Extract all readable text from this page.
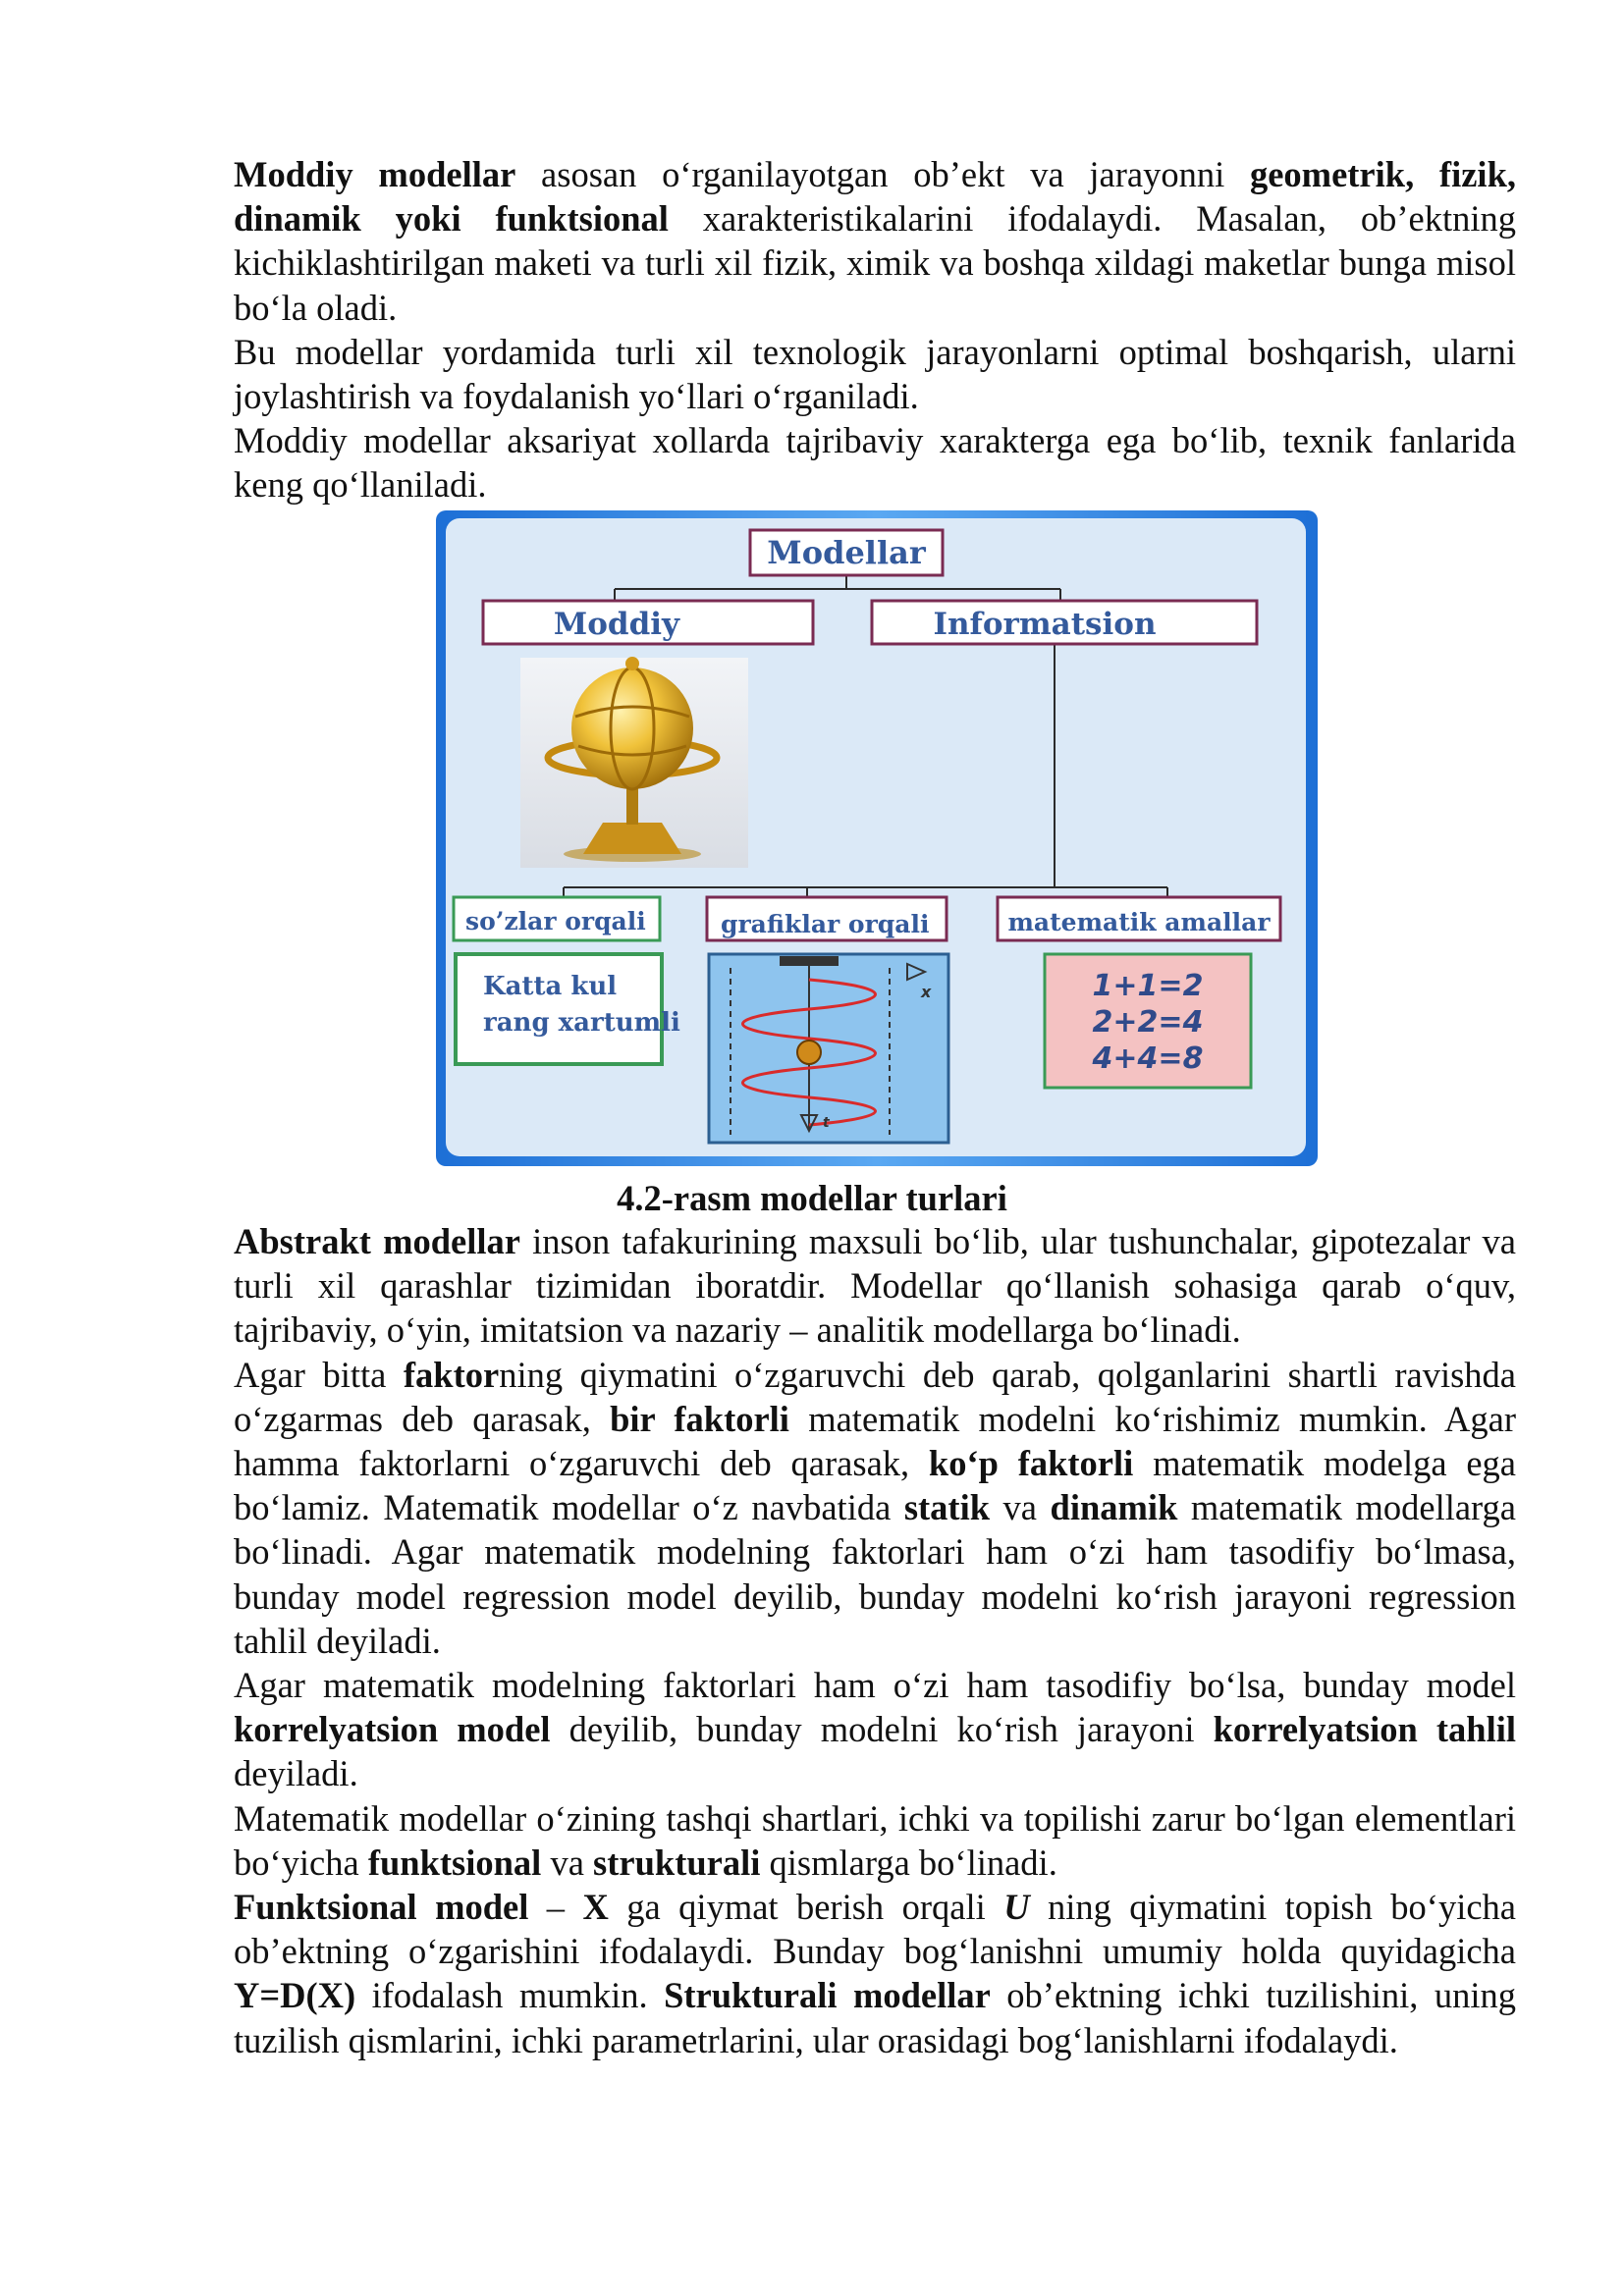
Moddiy modellar asosan o‘rganilayotgan ob’ekt va jarayonni geometrik, fizik, dinamik yoki funktsional xarakteristikalarini ifodalaydi. Masalan, ob’ektning kichiklashtirilgan maketi va turli xil fizik, ximik va boshqa xildagi maketlar bunga misol bo‘la oladi.

Bu modellar yordamida turli xil texnologik jarayonlarni optimal boshqarish, ularni joylashtirish va foydalanish yo‘llari o‘rganiladi.

Moddiy modellar aksariyat xollarda tajribaviy xarakterga ega bo‘lib, texnik fanlarida keng qo‘llaniladi.

Modellar
Moddiy	Informatsion
so’zlar orqali	grafiklar orqali	matematik amallar
Katta kul
rang xartumli
x
t
1+1=2
2+2=4
4+4=8
4.2-rasm modellar turlari

Abstrakt modellar inson tafakurining maxsuli bo‘lib, ular tushunchalar, gipotezalar va turli xil qarashlar tizimidan iboratdir. Modellar qo‘llanish sohasiga qarab o‘quv, tajribaviy, o‘yin, imitatsion va nazariy – analitik modellarga bo‘linadi.

Agar bitta faktorning qiymatini o‘zgaruvchi deb qarab, qolganlarini shartli ravishda o‘zgarmas deb qarasak, bir faktorli matematik modelni ko‘rishimiz mumkin. Agar hamma faktorlarni o‘zgaruvchi deb qarasak, ko‘p faktorli matematik modelga ega bo‘lamiz. Matematik modellar o‘z navbatida statik va dinamik matematik modellarga bo‘linadi. Agar matematik modelning faktorlari ham o‘zi ham tasodifiy bo‘lmasa, bunday model regression model deyilib, bunday modelni ko‘rish jarayoni regression tahlil deyiladi.

Agar matematik modelning faktorlari ham o‘zi ham tasodifiy bo‘lsa, bunday model korrelyatsion model deyilib, bunday modelni ko‘rish jarayoni korrelyatsion tahlil deyiladi.

Matematik modellar o‘zining tashqi shartlari, ichki va topilishi zarur bo‘lgan elementlari bo‘yicha funktsional va strukturali qismlarga bo‘linadi.

Funktsional model – X ga qiymat berish orqali U ning qiymatini topish bo‘yicha ob’ektning o‘zgarishini ifodalaydi. Bunday bog‘lanishni umumiy holda quyidagicha Y=D(X) ifodalash mumkin. Strukturali modellar ob’ektning ichki tuzilishini, uning tuzilish qismlarini, ichki parametrlarini, ular orasidagi bog‘lanishlarni ifodalaydi.
